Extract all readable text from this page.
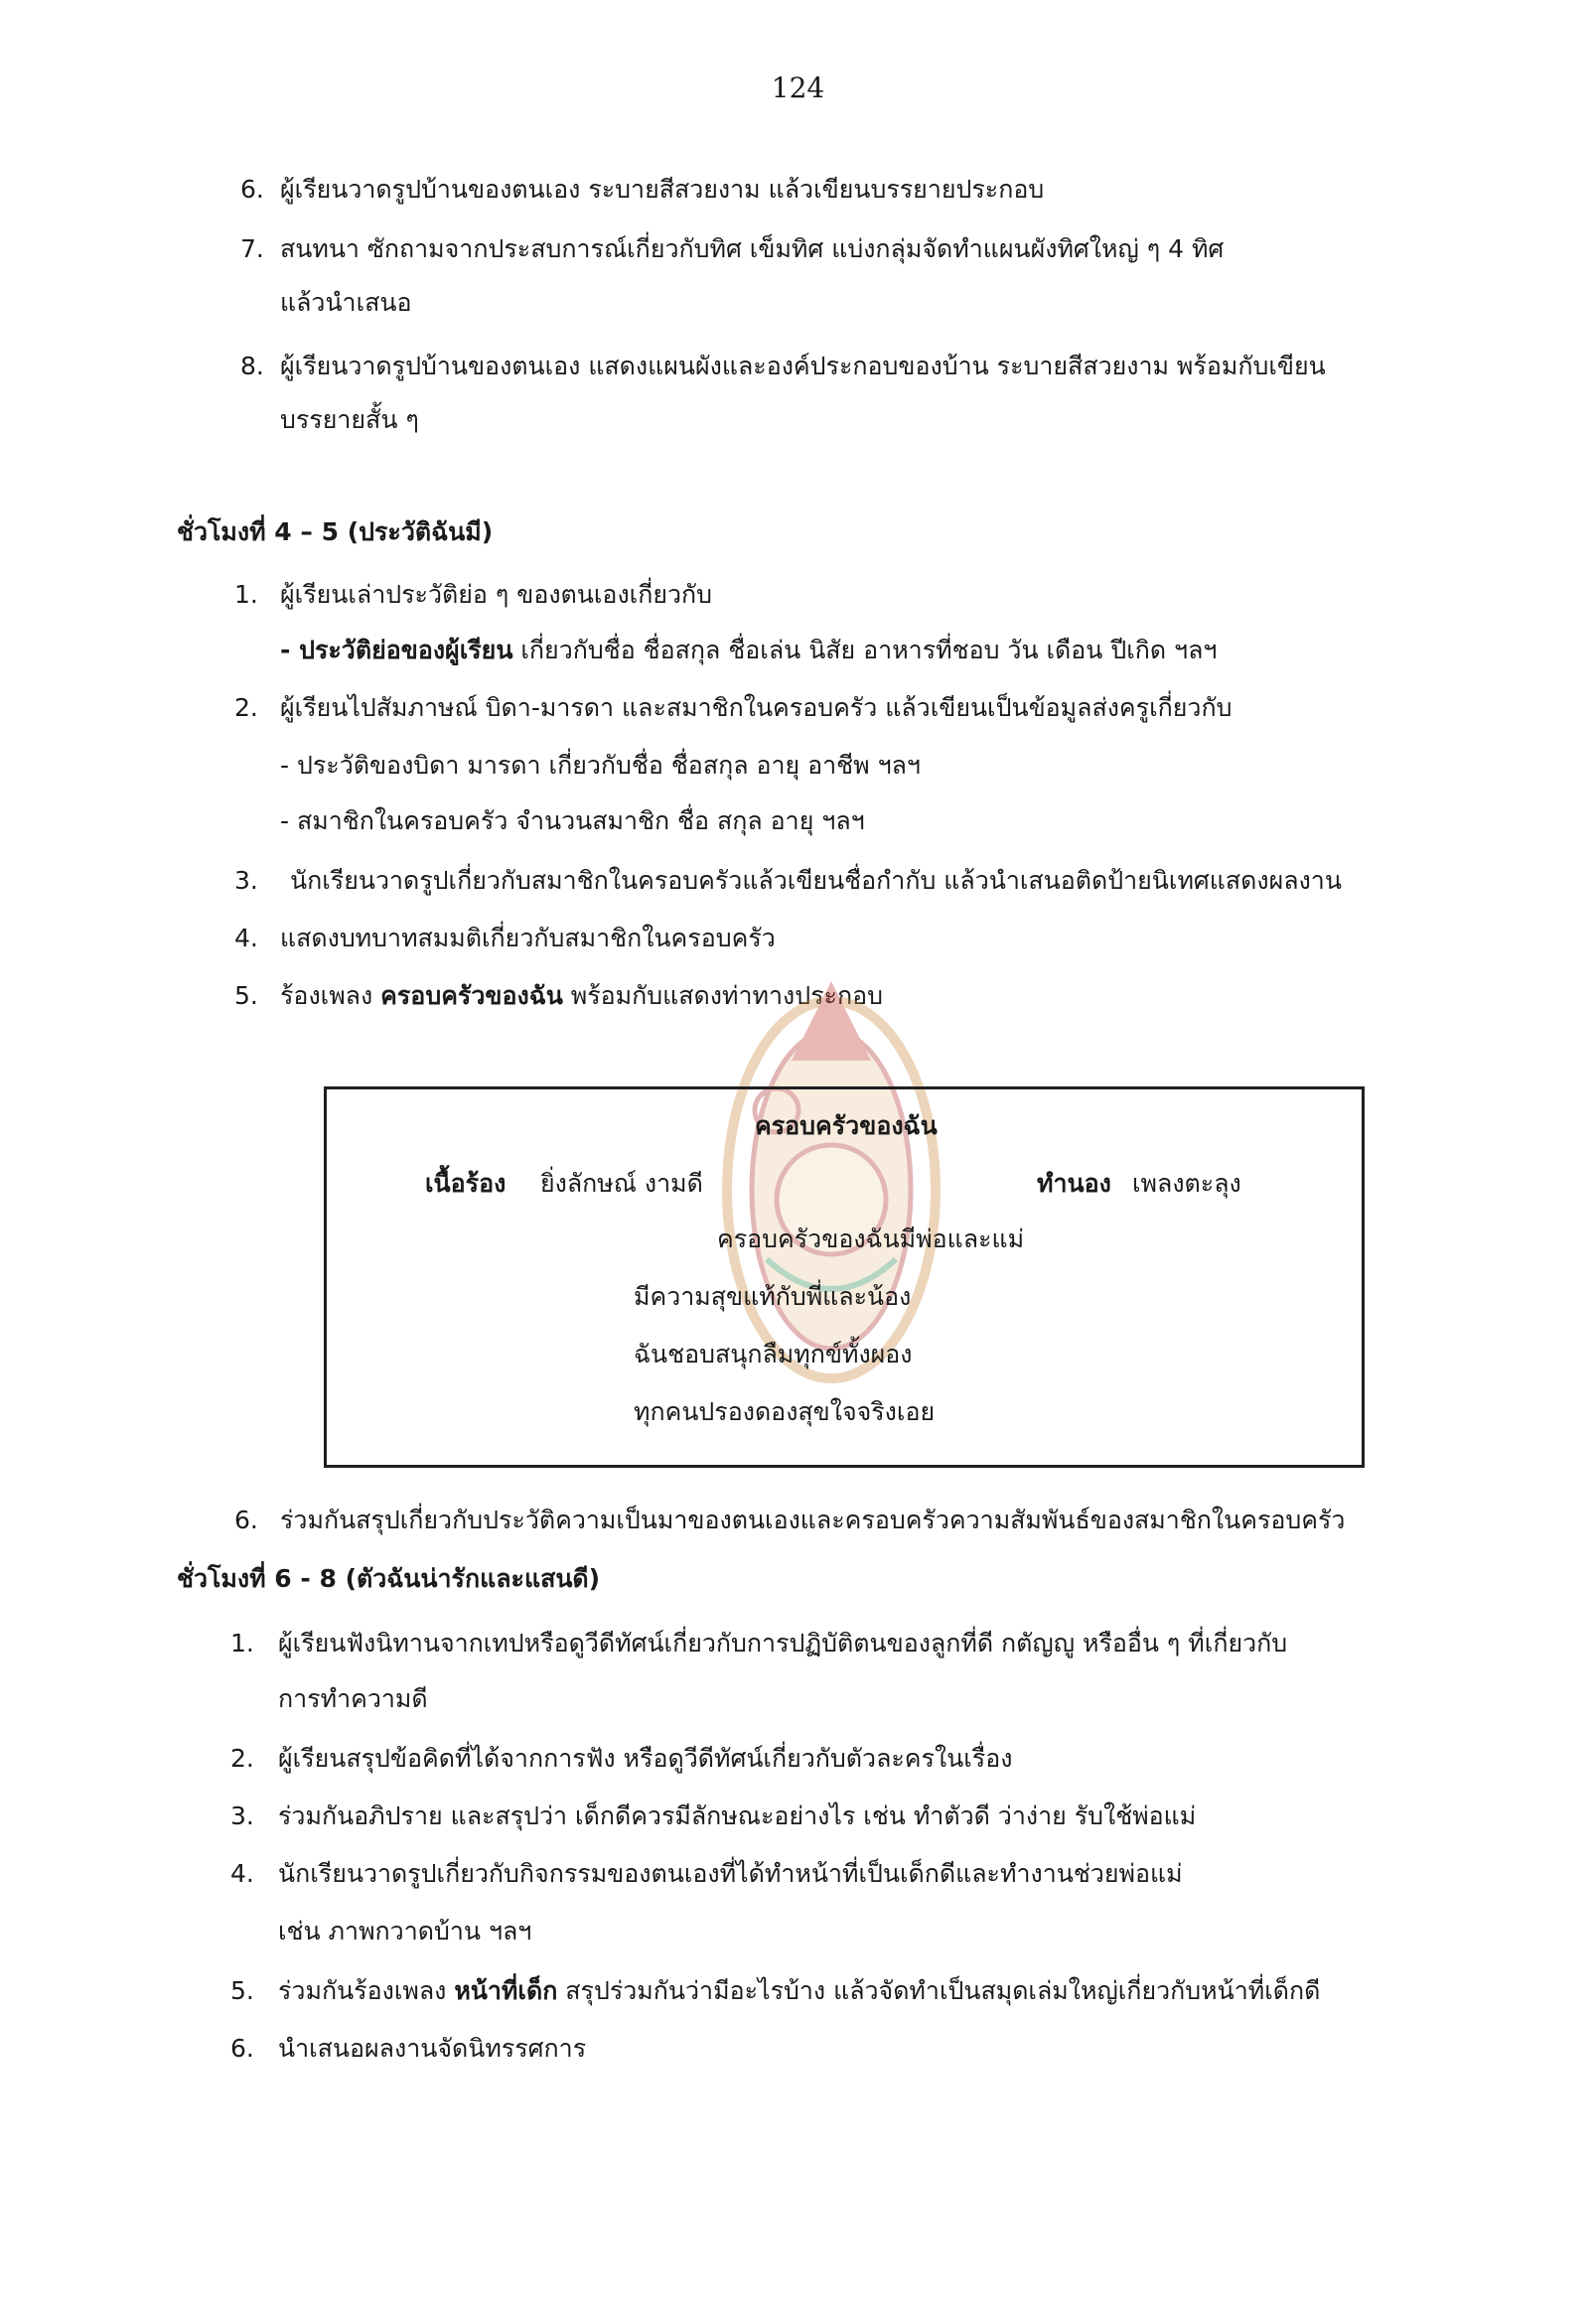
124
6. ผู้เรียนวาดรูปบ้านของตนเอง ระบายสีสวยงาม แล้วเขียนบรรยายประกอบ
7. สนทนา ซักถามจากประสบการณ์เกี่ยวกับทิศ เข็มทิศ แบ่งกลุ่มจัดทำแผนผังทิศใหญ่ ๆ 4 ทิศ
แล้วนำเสนอ
8. ผู้เรียนวาดรูปบ้านของตนเอง แสดงแผนผังและองค์ประกอบของบ้าน ระบายสีสวยงาม พร้อมกับเขียน
บรรยายสั้น ๆ
ชั่วโมงที่ 4 – 5 (ประวัติฉันมี)
1. ผู้เรียนเล่าประวัติย่อ ๆ ของตนเองเกี่ยวกับ
- ประวัติย่อของผู้เรียน เกี่ยวกับชื่อ ชื่อสกุล ชื่อเล่น นิสัย อาหารที่ชอบ วัน เดือน ปีเกิด ฯลฯ
2. ผู้เรียนไปสัมภาษณ์ บิดา-มารดา และสมาชิกในครอบครัว แล้วเขียนเป็นข้อมูลส่งครูเกี่ยวกับ
- ประวัติของบิดา มารดา เกี่ยวกับชื่อ ชื่อสกุล อายุ อาชีพ ฯลฯ
- สมาชิกในครอบครัว จำนวนสมาชิก ชื่อ สกุล อายุ ฯลฯ
3. นักเรียนวาดรูปเกี่ยวกับสมาชิกในครอบครัวแล้วเขียนชื่อกำกับ แล้วนำเสนอติดป้ายนิเทศแสดงผลงาน
4. แสดงบทบาทสมมติเกี่ยวกับสมาชิกในครอบครัว
5. ร้องเพลง ครอบครัวของฉัน พร้อมกับแสดงท่าทางประกอบ
ครอบครัวของฉัน
เนื้อร้อง ยิ่งลักษณ์ งามดี	ทำนอง เพลงตะลุง
ครอบครัวของฉันมีพ่อและแม่
มีความสุขแท้กับพี่และน้อง
ฉันชอบสนุกลืมทุกข์ทั้งผอง
ทุกคนปรองดองสุขใจจริงเอย
6. ร่วมกันสรุปเกี่ยวกับประวัติความเป็นมาของตนเองและครอบครัวความสัมพันธ์ของสมาชิกในครอบครัว
ชั่วโมงที่ 6 - 8 (ตัวฉันน่ารักและแสนดี)
1. ผู้เรียนฟังนิทานจากเทปหรือดูวีดีทัศน์เกี่ยวกับการปฏิบัติตนของลูกที่ดี กตัญญู หรืออื่น ๆ ที่เกี่ยวกับ
การทำความดี
2. ผู้เรียนสรุปข้อคิดที่ได้จากการฟัง หรือดูวีดีทัศน์เกี่ยวกับตัวละครในเรื่อง
3. ร่วมกันอภิปราย และสรุปว่า เด็กดีควรมีลักษณะอย่างไร เช่น ทำตัวดี ว่าง่าย รับใช้พ่อแม่
4. นักเรียนวาดรูปเกี่ยวกับกิจกรรมของตนเองที่ได้ทำหน้าที่เป็นเด็กดีและทำงานช่วยพ่อแม่
เช่น ภาพกวาดบ้าน ฯลฯ
5. ร่วมกันร้องเพลง หน้าที่เด็ก สรุปร่วมกันว่ามีอะไรบ้าง แล้วจัดทำเป็นสมุดเล่มใหญ่เกี่ยวกับหน้าที่เด็กดี
6. นำเสนอผลงานจัดนิทรรศการ
